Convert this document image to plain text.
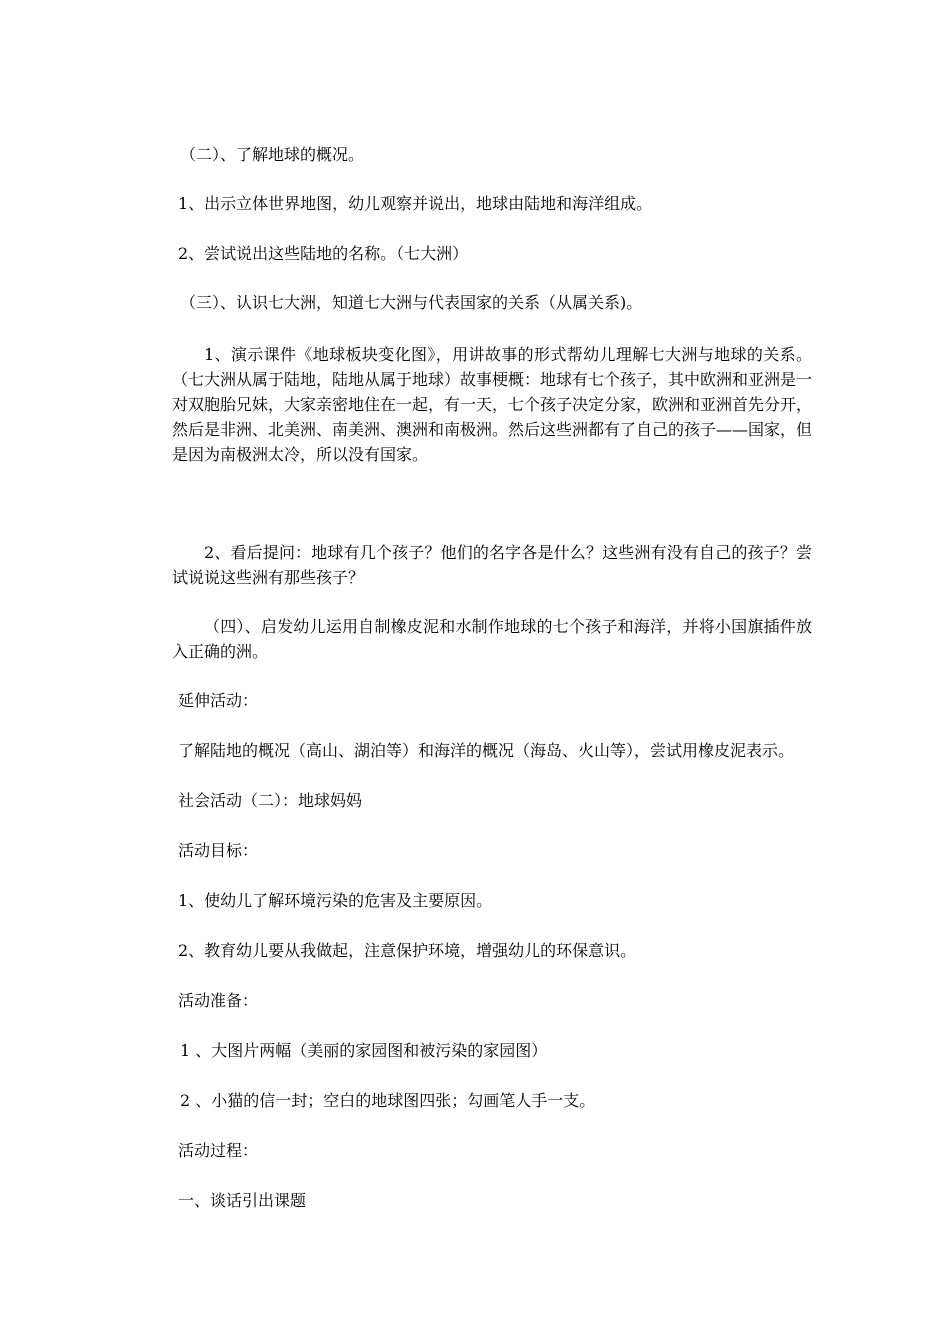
（二）、了解地球的概况。
1、出示立体世界地图，幼儿观察并说出，地球由陆地和海洋组成。
2、尝试说出这些陆地的名称。（七大洲）
（三）、认识七大洲，知道七大洲与代表国家的关系（从属关系)。
1、演示课件《地球板块变化图》，用讲故事的形式帮幼儿理解七大洲与地球的关系。（七大洲从属于陆地，陆地从属于地球）故事梗概：地球有七个孩子，其中欧洲和亚洲是一对双胞胎兄妹，大家亲密地住在一起，有一天，七个孩子决定分家，欧洲和亚洲首先分开，然后是非洲、北美洲、南美洲、澳洲和南极洲。然后这些洲都有了自己的孩子——国家，但是因为南极洲太冷，所以没有国家。
2、看后提问：地球有几个孩子？他们的名字各是什么？这些洲有没有自己的孩子？尝试说说这些洲有那些孩子？
（四）、启发幼儿运用自制橡皮泥和水制作地球的七个孩子和海洋，并将小国旗插件放入正确的洲。
延伸活动：
了解陆地的概况（高山、湖泊等）和海洋的概况（海岛、火山等），尝试用橡皮泥表示。
社会活动（二）：地球妈妈
活动目标：
1、使幼儿了解环境污染的危害及主要原因。
2、教育幼儿要从我做起，注意保护环境，增强幼儿的环保意识。
活动准备：
1 、大图片两幅（美丽的家园图和被污染的家园图）
2 、小猫的信一封；空白的地球图四张；勾画笔人手一支。
活动过程：
一、谈话引出课题
